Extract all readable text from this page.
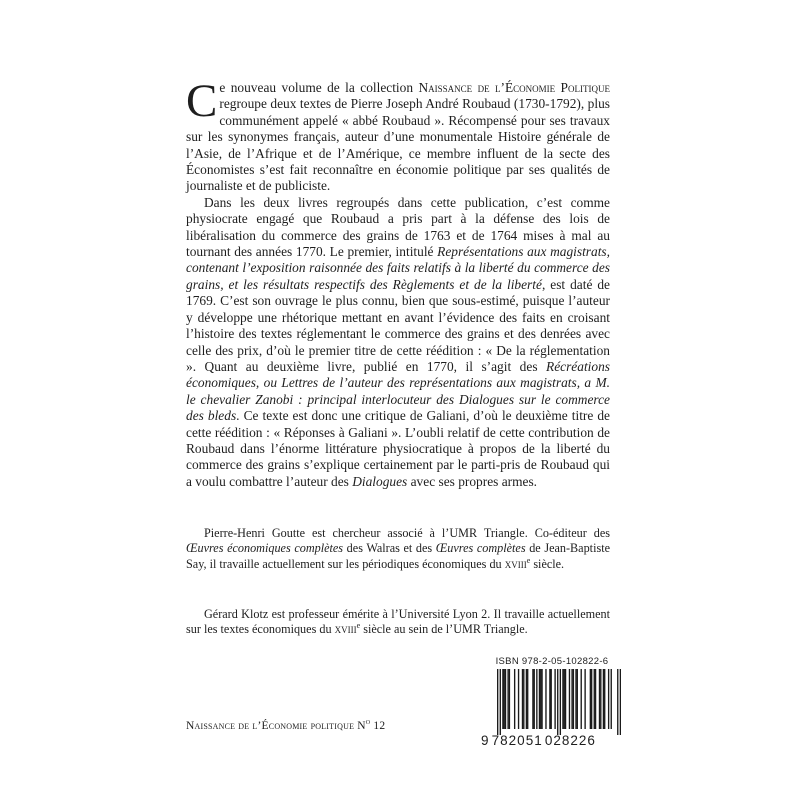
Ce nouveau volume de la collection Naissance de l’Économie Politique regroupe deux textes de Pierre Joseph André Roubaud (1730-1792), plus communément appelé « abbé Roubaud ». Récompensé pour ses travaux sur les synonymes français, auteur d’une monumentale Histoire générale de l’Asie, de l’Afrique et de l’Amérique, ce membre influent de la secte des Économistes s’est fait reconnaître en économie politique par ses qualités de journaliste et de publiciste.

Dans les deux livres regroupés dans cette publication, c’est comme physiocrate engagé que Roubaud a pris part à la défense des lois de libéralisation du commerce des grains de 1763 et de 1764 mises à mal au tournant des années 1770. Le premier, intitulé Représentations aux magistrats, contenant l’exposition raisonnée des faits relatifs à la liberté du commerce des grains, et les résultats respectifs des Règlements et de la liberté, est daté de 1769. C’est son ouvrage le plus connu, bien que sous-estimé, puisque l’auteur y développe une rhétorique mettant en avant l’évidence des faits en croisant l’histoire des textes réglementant le commerce des grains et des denrées avec celle des prix, d’où le premier titre de cette réédition : « De la réglementation ». Quant au deuxième livre, publié en 1770, il s’agit des Récréations économiques, ou Lettres de l’auteur des représentations aux magistrats, a M. le chevalier Zanobi : principal interlocuteur des Dialogues sur le commerce des bleds. Ce texte est donc une critique de Galiani, d’où le deuxième titre de cette réédition : « Réponses à Galiani ». L’oubli relatif de cette contribution de Roubaud dans l’énorme littérature physiocratique à propos de la liberté du commerce des grains s’explique certainement par le parti-pris de Roubaud qui a voulu combattre l’auteur des Dialogues avec ses propres armes.

Pierre-Henri Goutte est chercheur associé à l’UMR Triangle. Co-éditeur des Œuvres économiques complètes des Walras et des Œuvres complètes de Jean-Baptiste Say, il travaille actuellement sur les périodiques économiques du xviii$^e$ siècle.

Gérard Klotz est professeur émérite à l’Université Lyon 2. Il travaille actuellement sur les textes économiques du xviii$^e$ siècle au sein de l’UMR Triangle.

Naissance de l’Économie politique $N^o$ 12
ISBN 978-2-05-102822-6
9  782051  028226
